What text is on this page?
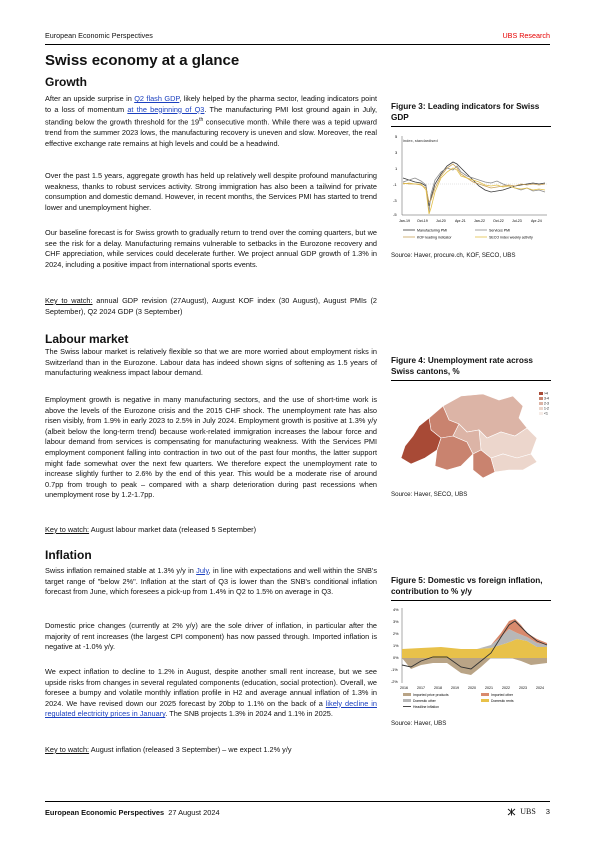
European Economic Perspectives	UBS Research
Swiss economy at a glance
Growth

After an upside surprise in Q2 flash GDP, likely helped by the pharma sector, leading indicators point to a loss of momentum at the beginning of Q3. The manufacturing PMI lost ground again in July, standing below the growth threshold for the 19th consecutive month. While there was a tepid upward trend from the summer 2023 lows, the manufacturing recovery is uneven and slow. Moreover, the real effective exchange rate remains at high levels and could be a headwind.

Over the past 1.5 years, aggregate growth has held up relatively well despite profound manufacturing weakness, thanks to robust services activity. Strong immigration has also been a tailwind for private consumption and domestic demand. However, in recent months, the Services PMI has started to trend lower and unemployment higher.

Our baseline forecast is for Swiss growth to gradually return to trend over the coming quarters, but we see the risk for a delay. Manufacturing remains vulnerable to setbacks in the Eurozone recovery and CHF appreciation, while services could decelerate further. We project annual GDP growth of 1.3% in 2024, including a positive impact from international sports events.

Key to watch: annual GDP revision (27August), August KOF index (30 August), August PMIs (2 September), Q2 2024 GDP (3 September)

Labour market

The Swiss labour market is relatively flexible so that we are more worried about employment risks in Switzerland than in the Eurozone. Labour data has indeed shown signs of softening as 1.5 years of manufacturing weakness impact labour demand.

Employment growth is negative in many manufacturing sectors, and the use of short-time work is above the levels of the Eurozone crisis and the 2015 CHF shock. The unemployment rate has also risen visibly, from 1.9% in early 2023 to 2.5% in July 2024. Employment growth is positive at 1.3% y/y (albeit below the long-term trend) because work-related immigration increases the labour force and labour demand from services is compensating for manufacturing weakness. With the Services PMI employment component falling into contraction in two out of the past four months, the latter support might fade somewhat over the next few quarters. We therefore expect the unemployment rate to increase slightly further to 2.6% by the end of this year. This would be a moderate rise of around 0.7pp from trough to peak – compared with a sharp deterioration during past recessions when unemployment rose by 1.2-1.7pp.

Key to watch: August labour market data (released 5 September)

Inflation

Swiss inflation remained stable at 1.3% y/y in July, in line with expectations and well within the SNB's target range of "below 2%". Inflation at the start of Q3 is lower than the SNB's conditional inflation forecast from June, which foresees a pick-up from 1.4% in Q2 to 1.5% on average in Q3.

Domestic price changes (currently at 2% y/y) are the sole driver of inflation, in particular after the majority of rent increases (the largest CPI component) has now passed through. Imported inflation is negative at -1.0% y/y.

We expect inflation to decline to 1.2% in August, despite another small rent increase, but we see upside risks from changes in several regulated components (education, social protection). Overall, we foresee a bumpy and volatile monthly inflation profile in H2 and average annual inflation of 1.3% in 2024. We have revised down our 2025 forecast by 20bp to 1.1% on the back of a likely decline in regulated electricity prices in January. The SNB projects 1.3% in 2024 and 1.1% in 2025.

Key to watch: August inflation (released 3 September) – we expect 1.2% y/y

Figure 3: Leading indicators for Swiss GDP

index, standardised
5
3
1
-1
-3
-5
Jan-19 Oct-19 Jul-20	Apr-21 Jan-22 Oct-22 Jul-23	Apr-24
Manufacturing PMI	Services PMI
KOF leading indicator	SECO index weekly activity
Source: Haver, procure.ch, KOF, SECO, UBS

Figure 4: Unemployment rate across Swiss cantons, %

>4
3-4
2-3
1-2
<1
Source: Haver, SECO, UBS

Figure 5: Domestic vs foreign inflation, contribution to % y/y

4%
3%
2%
1%
0%
-1%
-2%
2016	2017	2018	2019	2020	2021	2022	2023	2024
Imported price products	Imported other
Domestic other	Domestic rents
Headline inflation
Source: Haver, UBS
European Economic Perspectives 27 August 2024	UBS 3
